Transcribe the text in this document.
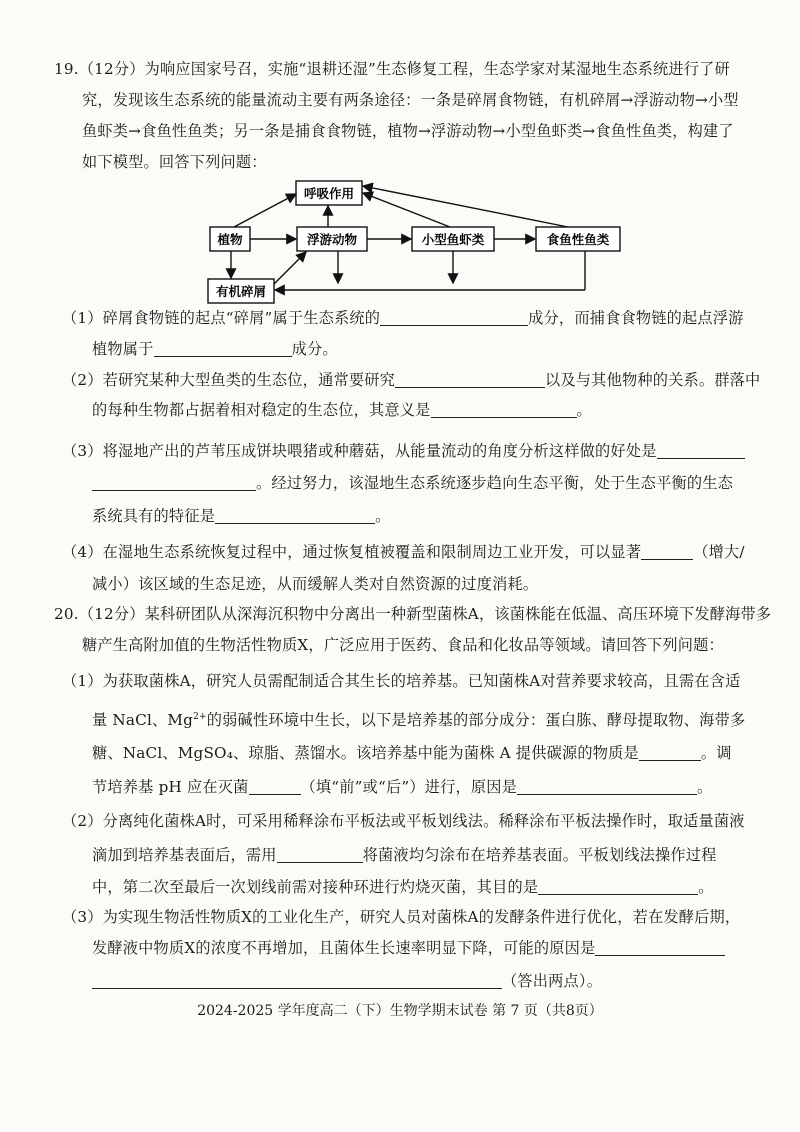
19.（12分）为响应国家号召，实施“退耕还湿”生态修复工程，生态学家对某湿地生态系统进行了研
究，发现该生态系统的能量流动主要有两条途径：一条是碎屑食物链，有机碎屑→浮游动物→小型
鱼虾类→食鱼性鱼类；另一条是捕食食物链，植物→浮游动物→小型鱼虾类→食鱼性鱼类，构建了
如下模型。回答下列问题：
呼吸作用
植物	浮游动物	小型鱼虾类	食鱼性鱼类
有机碎屑
（1）碎屑食物链的起点“碎屑”属于生态系统的	成分，而捕食食物链的起点浮游
植物属于	成分。
（2）若研究某种大型鱼类的生态位，通常要研究	以及与其他物种的关系。群落中
的每种生物都占据着相对稳定的生态位，其意义是	。
（3）将湿地产出的芦苇压成饼块喂猪或种蘑菇，从能量流动的角度分析这样做的好处是
。经过努力，该湿地生态系统逐步趋向生态平衡，处于生态平衡的生态
系统具有的特征是	。
（4）在湿地生态系统恢复过程中，通过恢复植被覆盖和限制周边工业开发，可以显著	（增大/
减小）该区域的生态足迹，从而缓解人类对自然资源的过度消耗。
20.（12分）某科研团队从深海沉积物中分离出一种新型菌株A，该菌株能在低温、高压环境下发酵海带多
糖产生高附加值的生物活性物质X，广泛应用于医药、食品和化妆品等领域。请回答下列问题：
（1）为获取菌株A，研究人员需配制适合其生长的培养基。已知菌株A对营养要求较高，且需在含适
量 NaCl、$Mg^{2+}$的弱碱性环境中生长，以下是培养基的部分成分：蛋白胨、酵母提取物、海带多
糖、NaCl、MgSO₄、琼脂、蒸馏水。该培养基中能为菌株 A 提供碳源的物质是	。调
节培养基 pH 应在灭菌	（填“前”或“后”）进行，原因是	。
（2）分离纯化菌株A时，可采用稀释涂布平板法或平板划线法。稀释涂布平板法操作时，取适量菌液
滴加到培养基表面后，需用	将菌液均匀涂布在培养基表面。平板划线法操作过程
中，第二次至最后一次划线前需对接种环进行灼烧灭菌，其目的是	。
（3）为实现生物活性物质X的工业化生产，研究人员对菌株A的发酵条件进行优化，若在发酵后期，
发酵液中物质X的浓度不再增加，且菌体生长速率明显下降，可能的原因是
（答出两点）。
2024-2025 学年度高二（下）生物学期末试卷 第 7 页（共8页）
